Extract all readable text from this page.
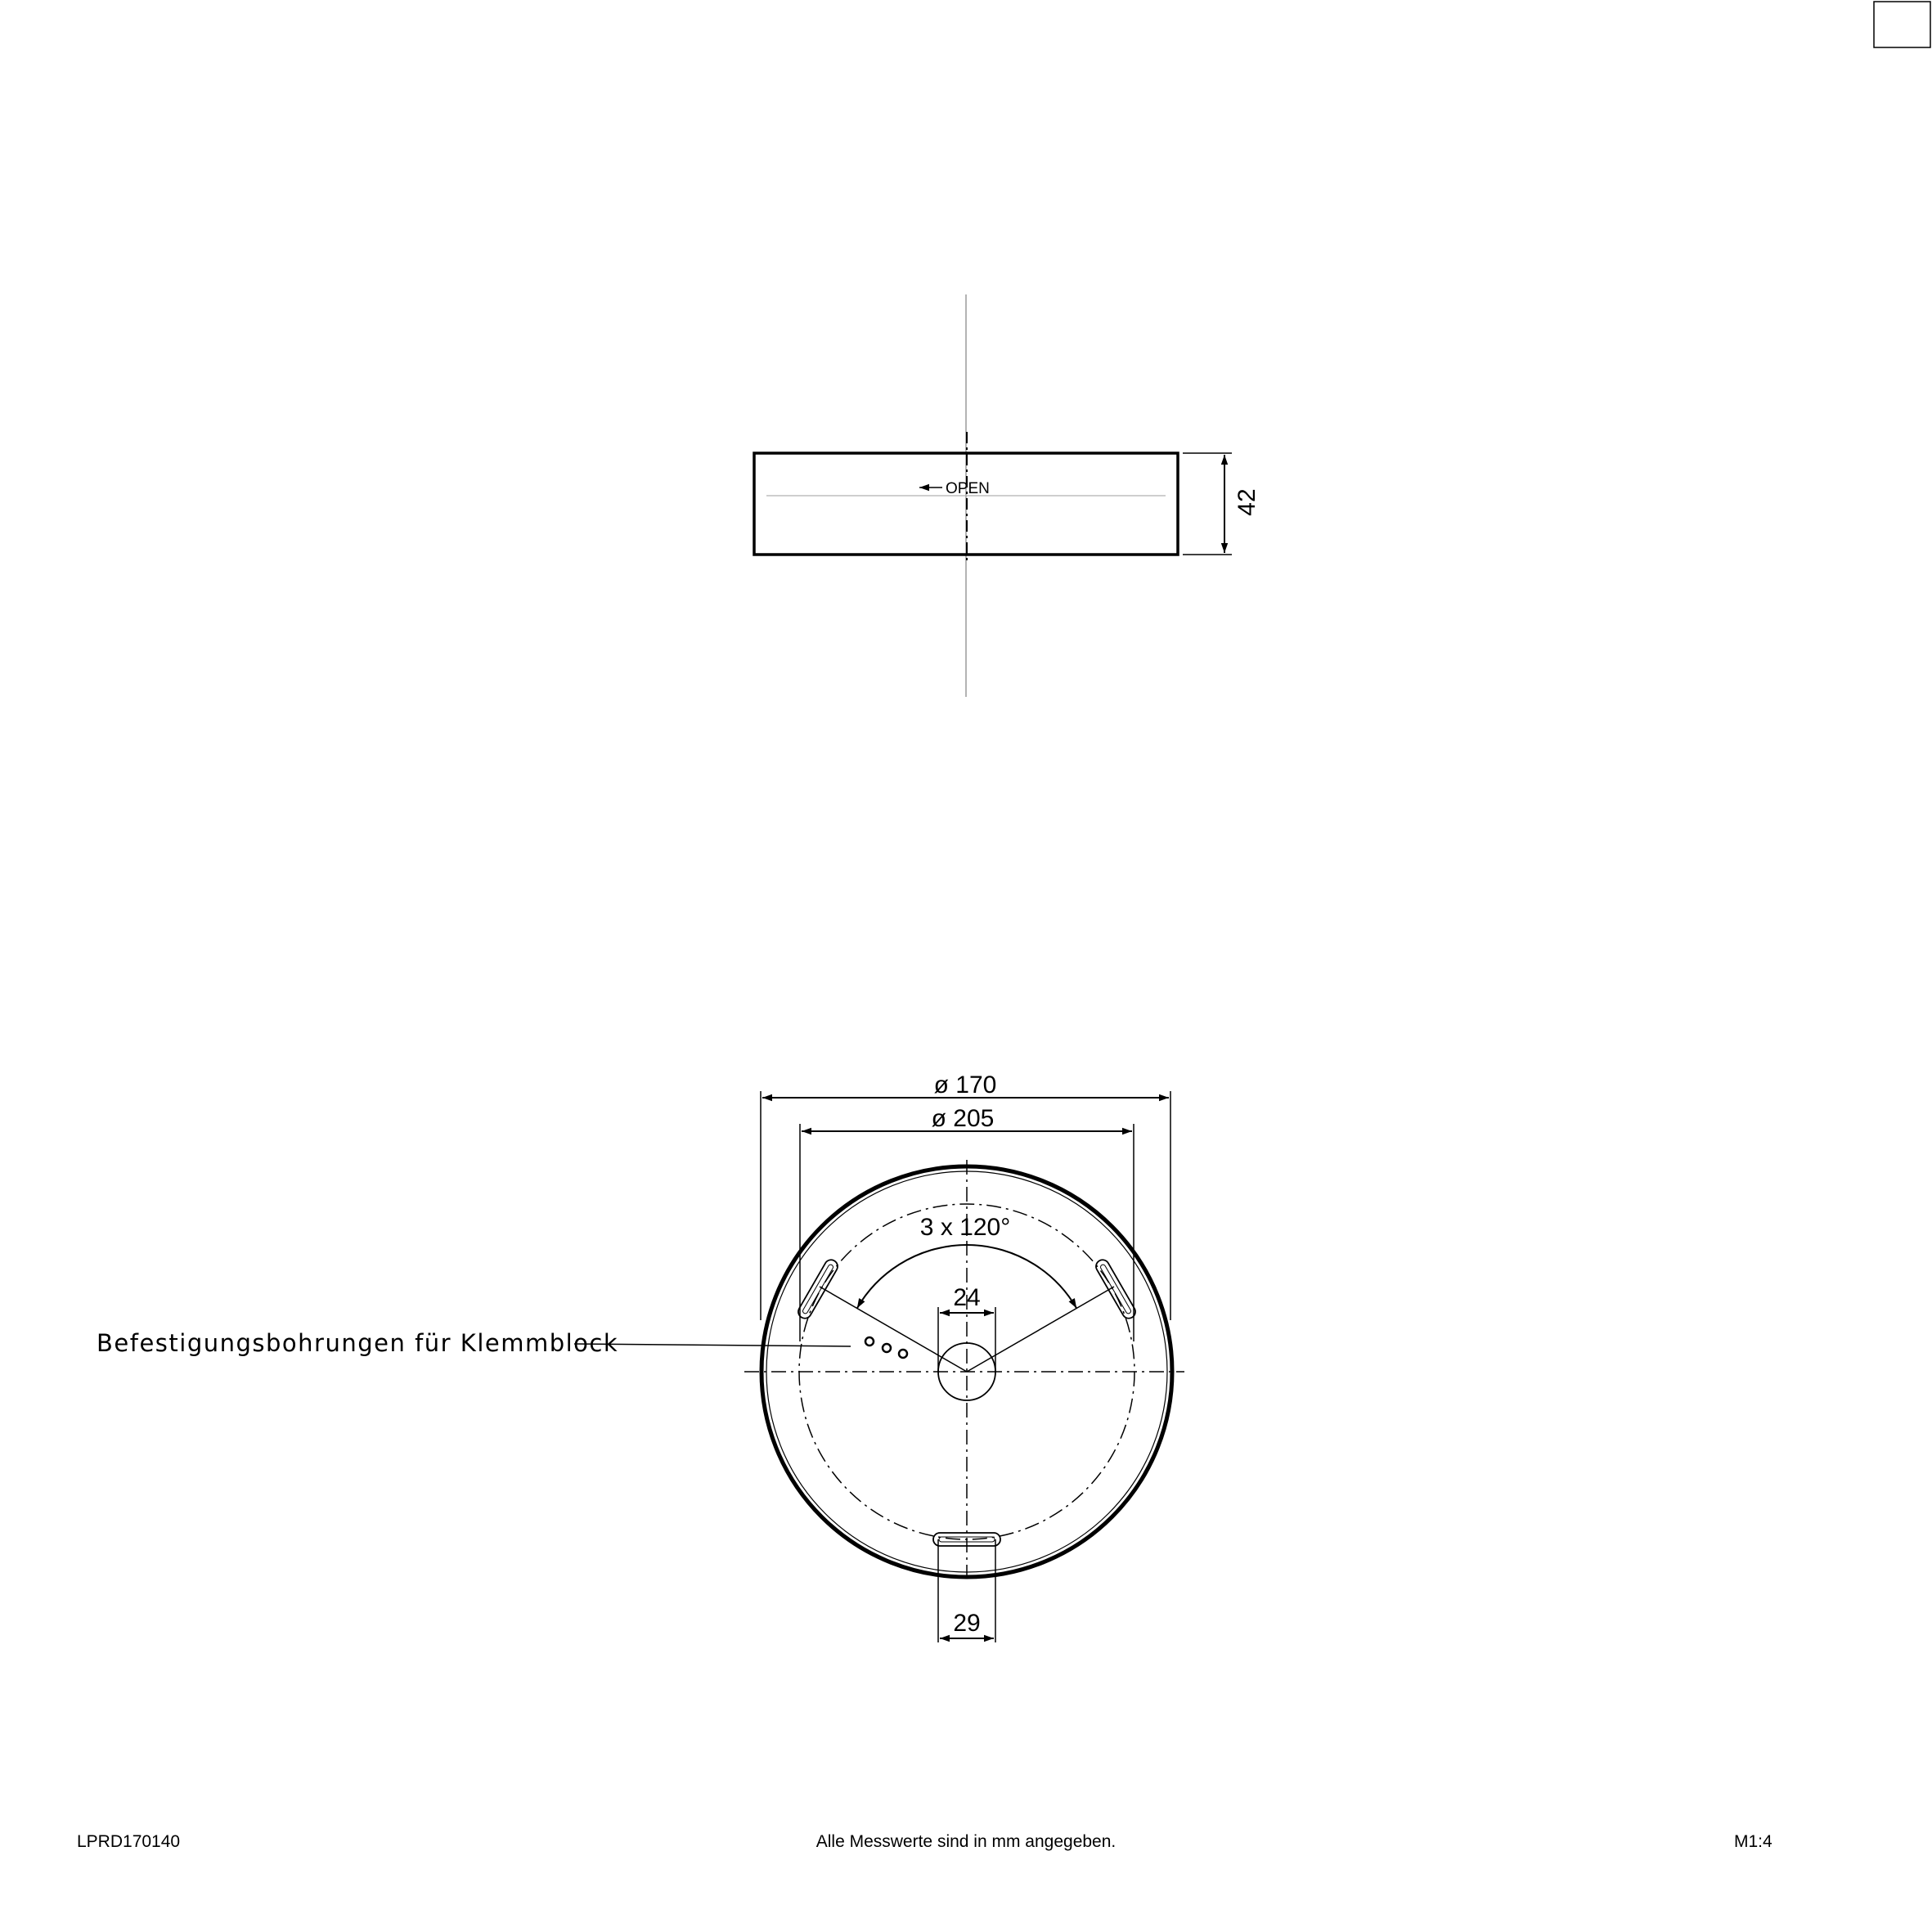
OPEN	42
3 x 120°
Befestigungsbohrungen für Klemmblock
ø 170
ø 205
24
29
LPRD170140	Alle Messwerte sind in mm angegeben.	M1:4
